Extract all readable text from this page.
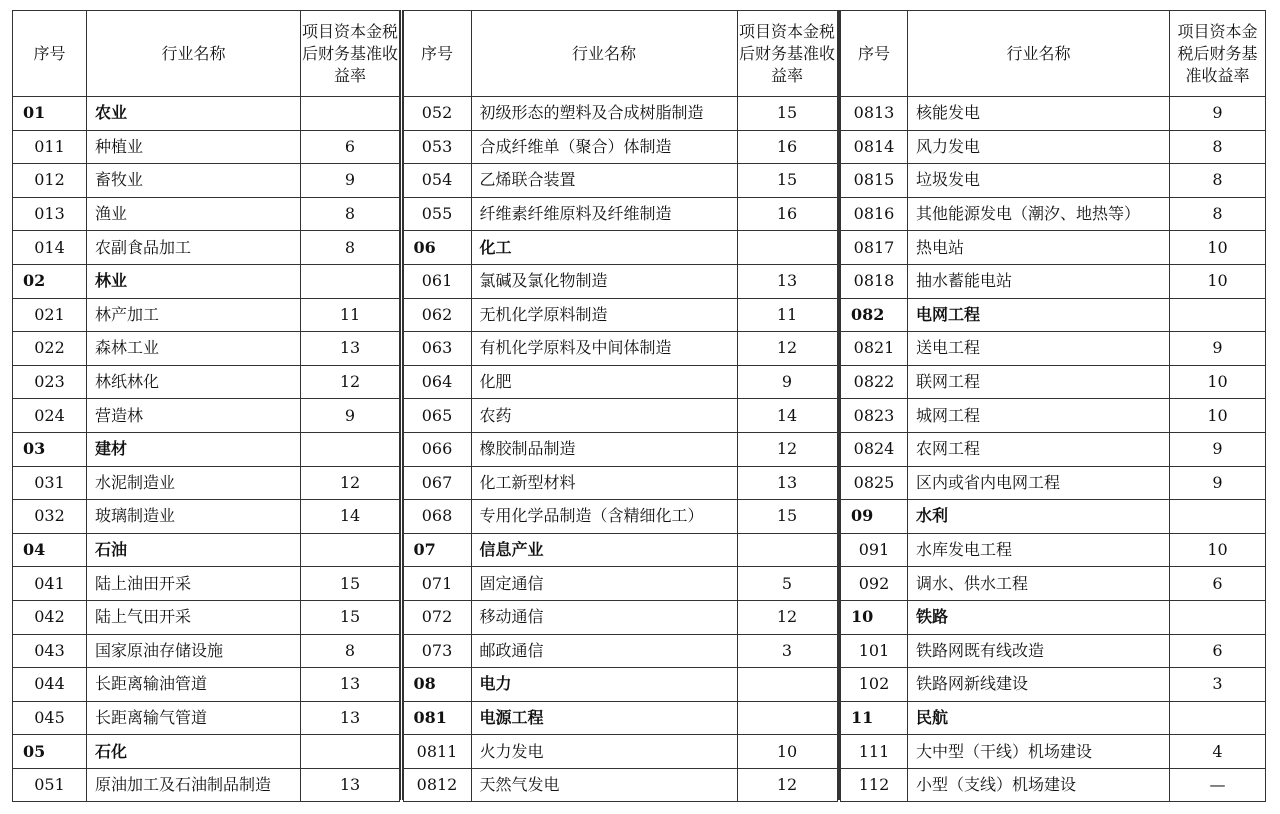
序号	行业名称	项目资本金税后财务基准收益率
01	农业	
011	种植业	6
012	畜牧业	9
013	渔业	8
014	农副食品加工	8
02	林业	
021	林产加工	11
022	森林工业	13
023	林纸林化	12
024	营造林	9
03	建材	
031	水泥制造业	12
032	玻璃制造业	14
04	石油	
041	陆上油田开采	15
042	陆上气田开采	15
043	国家原油存储设施	8
044	长距离输油管道	13
045	长距离输气管道	13
05	石化	
051	原油加工及石油制品制造	13
序号	行业名称	项目资本金税后财务基准收益率
052	初级形态的塑料及合成树脂制造	15
053	合成纤维单（聚合）体制造	16
054	乙烯联合装置	15
055	纤维素纤维原料及纤维制造	16
06	化工	
061	氯碱及氯化物制造	13
062	无机化学原料制造	11
063	有机化学原料及中间体制造	12
064	化肥	9
065	农药	14
066	橡胶制品制造	12
067	化工新型材料	13
068	专用化学品制造（含精细化工）	15
07	信息产业	
071	固定通信	5
072	移动通信	12
073	邮政通信	3
08	电力	
081	电源工程	
0811	火力发电	10
0812	天然气发电	12
序号	行业名称	项目资本金税后财务基准收益率
0813	核能发电	9
0814	风力发电	8
0815	垃圾发电	8
0816	其他能源发电（潮汐、地热等）	8
0817	热电站	10
0818	抽水蓄能电站	10
082	电网工程	
0821	送电工程	9
0822	联网工程	10
0823	城网工程	10
0824	农网工程	9
0825	区内或省内电网工程	9
09	水利	
091	水库发电工程	10
092	调水、供水工程	6
10	铁路	
101	铁路网既有线改造	6
102	铁路网新线建设	3
11	民航	
111	大中型（干线）机场建设	4
112	小型（支线）机场建设	—
